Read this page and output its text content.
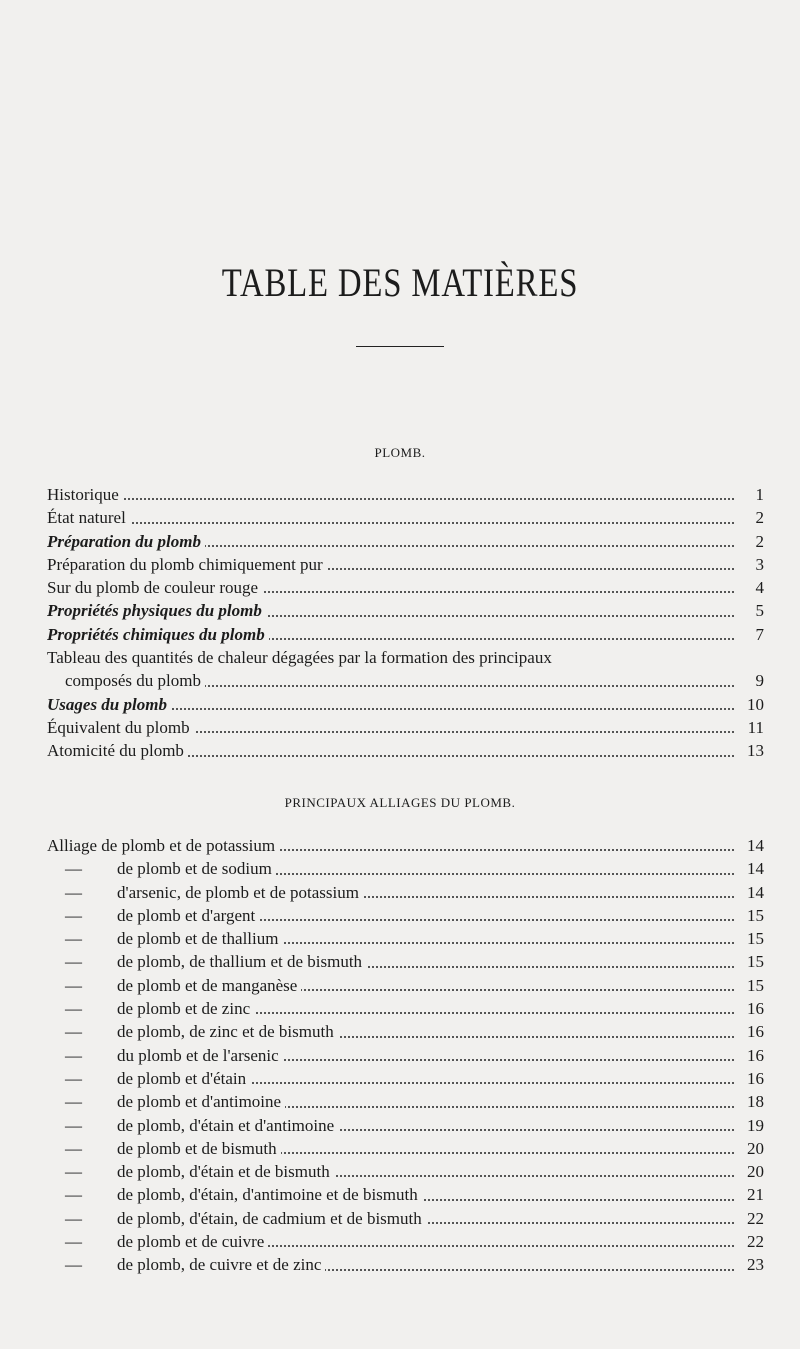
TABLE DES MATIÈRES
PLOMB.
Historique	1
État naturel	2
Préparation du plomb	2
Préparation du plomb chimiquement pur	3
Sur du plomb de couleur rouge	4
Propriétés physiques du plomb	5
Propriétés chimiques du plomb	7
Tableau des quantités de chaleur dégagées par la formation des principaux
composés du plomb	9
Usages du plomb	10
Équivalent du plomb	11
Atomicité du plomb	13
PRINCIPAUX ALLIAGES DU PLOMB.
Alliage de plomb et de potassium	14
— de plomb et de sodium	14
— d'arsenic, de plomb et de potassium	14
— de plomb et d'argent	15
— de plomb et de thallium	15
— de plomb, de thallium et de bismuth	15
— de plomb et de manganèse	15
— de plomb et de zinc	16
— de plomb, de zinc et de bismuth	16
— du plomb et de l'arsenic	16
— de plomb et d'étain	16
— de plomb et d'antimoine	18
— de plomb, d'étain et d'antimoine	19
— de plomb et de bismuth	20
— de plomb, d'étain et de bismuth	20
— de plomb, d'étain, d'antimoine et de bismuth	21
— de plomb, d'étain, de cadmium et de bismuth	22
— de plomb et de cuivre	22
— de plomb, de cuivre et de zinc	23
